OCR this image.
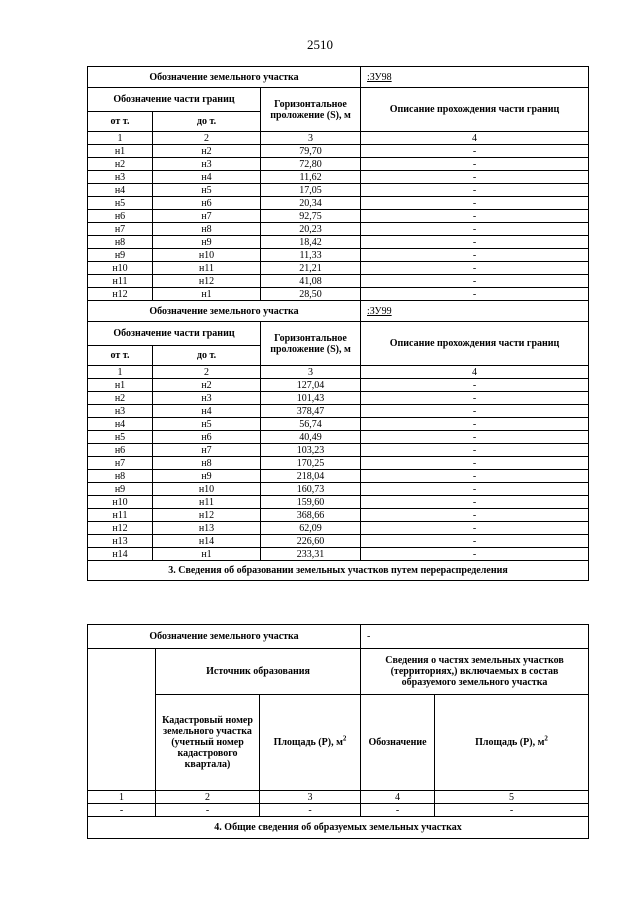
2510
Обозначение земельного участка			:ЗУ98
Обозначение части границ		Горизонтальное проложение (S), м	Описание прохождения части границ
от т.	до т.		
1	2	3	4
н1	н2	79,70	-
н2	н3	72,80	-
н3	н4	11,62	-
н4	н5	17,05	-
н5	н6	20,34	-
н6	н7	92,75	-
н7	н8	20,23	-
н8	н9	18,42	-
н9	н10	11,33	-
н10	н11	21,21	-
н11	н12	41,08	-
н12	н1	28,50	-
Обозначение земельного участка			:ЗУ99
Обозначение части границ		Горизонтальное проложение (S), м	Описание прохождения части границ
от т.	до т.		
1	2	3	4
н1	н2	127,04	-
н2	н3	101,43	-
н3	н4	378,47	-
н4	н5	56,74	-
н5	н6	40,49	-
н6	н7	103,23	-
н7	н8	170,25	-
н8	н9	218,04	-
н9	н10	160,73	-
н10	н11	159,60	-
н11	н12	368,66	-
н12	н13	62,09	-
н13	н14	226,60	-
н14	н1	233,31	-
3. Сведения об образовании земельных участков путем перераспределения			
Обозначение земельного участка			-	
	Источник образования		Сведения о частях земельных участков (территориях,) включаемых в состав образуемого земельного участка	
	Кадастровый номер земельного участка (учетный номер кадастрового квартала)	Площадь (Р), $м^2$	Обозначение	Площадь (Р), $м^2$
1	2	3	4	5
-	-	-	-	-
4. Общие сведения об образуемых земельных участках				
